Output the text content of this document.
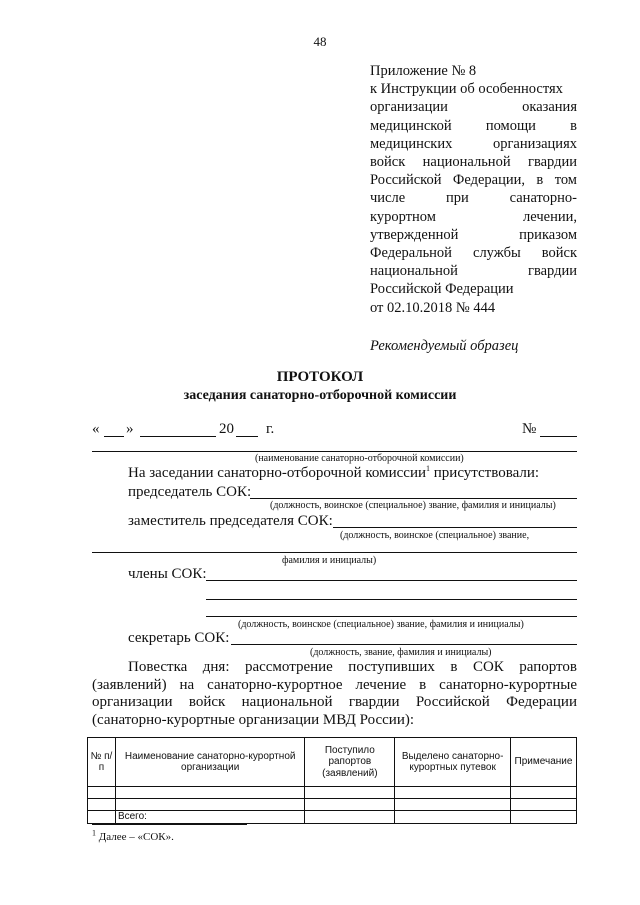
48
Приложение № 8
к Инструкции об особенностях
организации оказания
медицинской помощи в
медицинских организациях
войск национальной гвардии
Российской Федерации, в том
числе при санаторно-
курортном лечении,
утвержденной приказом
Федеральной службы войск
национальной гвардии
Российской Федерации
от 02.10.2018 № 444
Рекомендуемый образец
ПРОТОКОЛ
заседания санаторно-отборочной комиссии
« »	20 г.	№
(наименование санаторно-отборочной комиссии)
На заседании санаторно-отборочной комиссии$^1$ присутствовали:
председатель СОК:
(должность, воинское (специальное) звание, фамилия и инициалы)
заместитель председателя СОК:
(должность, воинское (специальное) звание,
фамилия и инициалы)
члены СОК:
(должность, воинское (специальное) звание, фамилия и инициалы)
секретарь СОК:
(должность, звание, фамилия и инициалы)
Повестка дня: рассмотрение поступивших в СОК рапортов
(заявлений) на санаторно-курортное лечение в санаторно-курортные организации войск национальной гвардии Российской Федерации (санаторно-курортные организации МВД России):
№ п/п	Наименование санаторно-курортной организации	Поступило рапортов (заявлений)	Выделено санаторно-курортных путевок	Примечание

	Всего:			
$^1$ Далее – «СОК».
